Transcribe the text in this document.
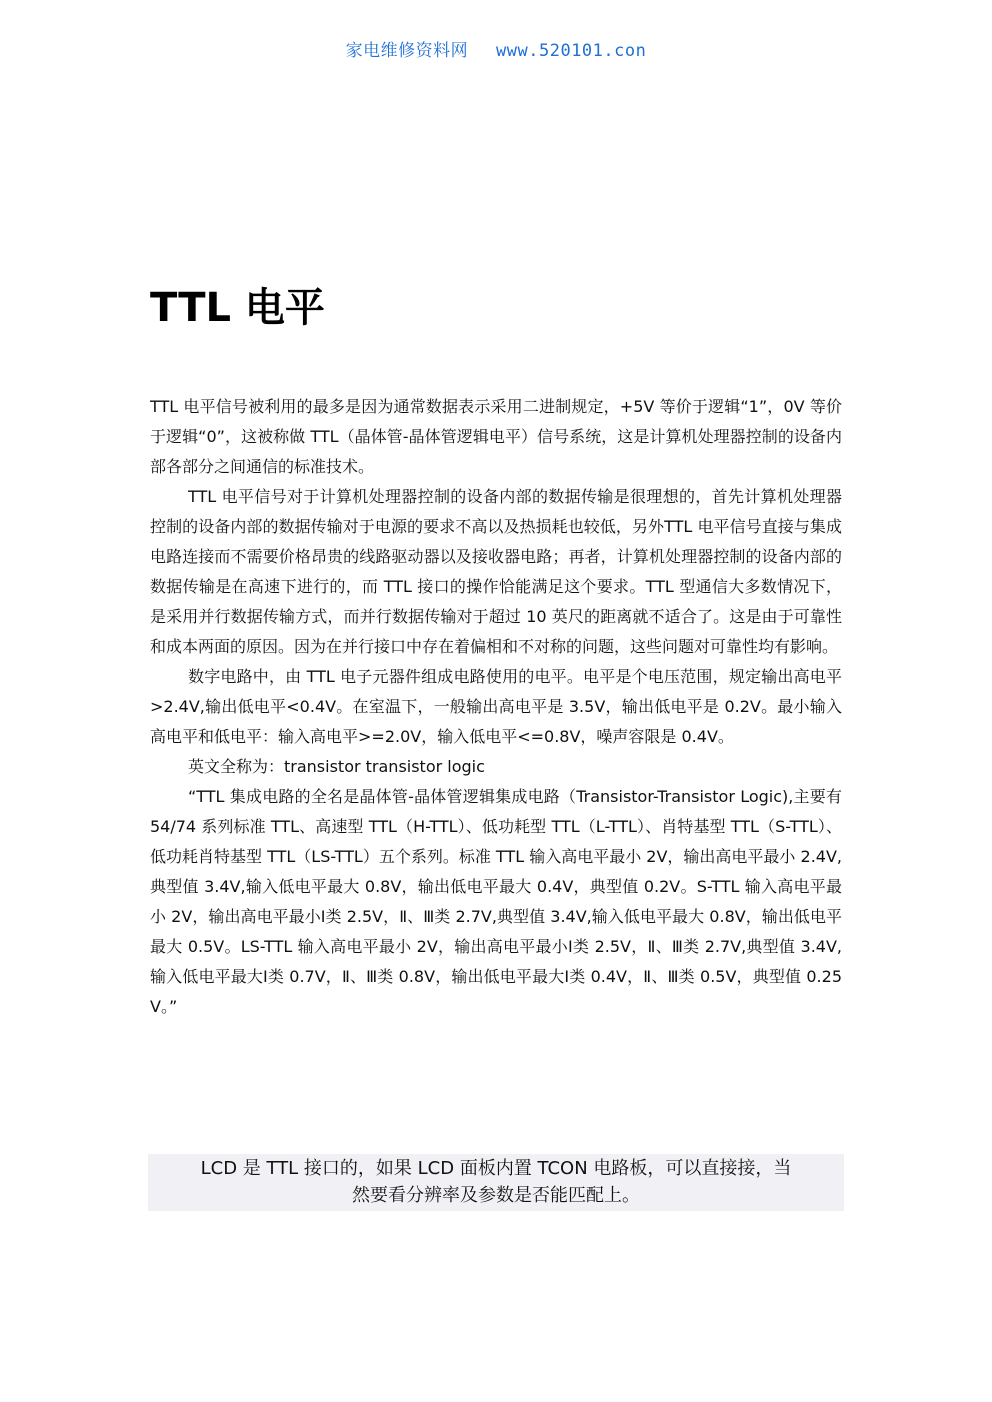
家电维修资料网 www.520101.con
TTL 电平

TTL 电平信号被利用的最多是因为通常数据表示采用二进制规定，+5V 等价于逻辑“1”，0V 等价于逻辑“0”，这被称做 TTL（晶体管-晶体管逻辑电平）信号系统，这是计算机处理器控制的设备内部各部分之间通信的标准技术。

TTL 电平信号对于计算机处理器控制的设备内部的数据传输是很理想的，首先计算机处理器控制的设备内部的数据传输对于电源的要求不高以及热损耗也较低，另外TTL 电平信号直接与集成电路连接而不需要价格昂贵的线路驱动器以及接收器电路；再者，计算机处理器控制的设备内部的数据传输是在高速下进行的，而 TTL 接口的操作恰能满足这个要求。TTL 型通信大多数情况下，是采用并行数据传输方式，而并行数据传输对于超过 10 英尺的距离就不适合了。这是由于可靠性和成本两面的原因。因为在并行接口中存在着偏相和不对称的问题，这些问题对可靠性均有影响。

数字电路中，由 TTL 电子元器件组成电路使用的电平。电平是个电压范围，规定输出高电平>2.4V,输出低电平<0.4V。在室温下，一般输出高电平是 3.5V，输出低电平是 0.2V。最小输入高电平和低电平：输入高电平>=2.0V，输入低电平<=0.8V，噪声容限是 0.4V。

英文全称为：transistor transistor logic

“TTL 集成电路的全名是晶体管-晶体管逻辑集成电路（Transistor-Transistor Logic),主要有 54/74 系列标准 TTL、高速型 TTL（H-TTL）、低功耗型 TTL（L-TTL）、肖特基型 TTL（S-TTL）、低功耗肖特基型 TTL（LS-TTL）五个系列。标准 TTL 输入高电平最小 2V，输出高电平最小 2.4V,典型值 3.4V,输入低电平最大 0.8V，输出低电平最大 0.4V，典型值 0.2V。S-TTL 输入高电平最小 2V，输出高电平最小Ⅰ类 2.5V，Ⅱ、Ⅲ类 2.7V,典型值 3.4V,输入低电平最大 0.8V，输出低电平最大 0.5V。LS-TTL 输入高电平最小 2V，输出高电平最小Ⅰ类 2.5V，Ⅱ、Ⅲ类 2.7V,典型值 3.4V,输入低电平最大Ⅰ类 0.7V，Ⅱ、Ⅲ类 0.8V，输出低电平最大Ⅰ类 0.4V，Ⅱ、Ⅲ类 0.5V，典型值 0.25V。”

LCD 是 TTL 接口的，如果 LCD 面板内置 TCON 电路板，可以直接接，当
然要看分辨率及参数是否能匹配上。
